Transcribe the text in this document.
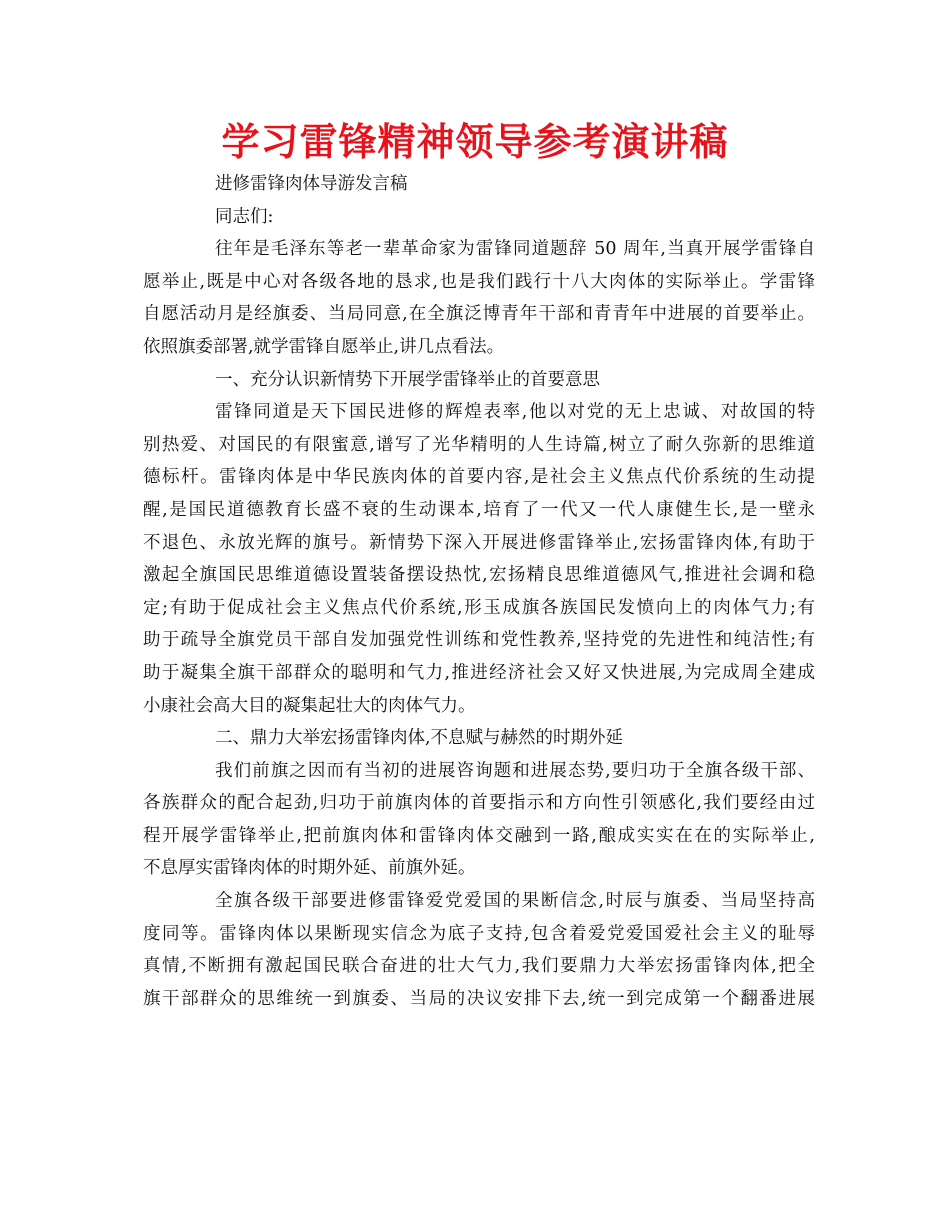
学习雷锋精神领导参考演讲稿
进修雷锋肉体导游发言稿
同志们:
往年是毛泽东等老一辈革命家为雷锋同道题辞 50 周年,当真开展学雷锋自
愿举止,既是中心对各级各地的恳求,也是我们践行十八大肉体的实际举止。学雷锋
自愿活动月是经旗委、当局同意,在全旗泛博青年干部和青青年中进展的首要举止。
依照旗委部署,就学雷锋自愿举止,讲几点看法。
一、充分认识新情势下开展学雷锋举止的首要意思
雷锋同道是天下国民进修的辉煌表率,他以对党的无上忠诚、对故国的特
别热爱、对国民的有限蜜意,谱写了光华精明的人生诗篇,树立了耐久弥新的思维道
德标杆。雷锋肉体是中华民族肉体的首要内容,是社会主义焦点代价系统的生动提
醒,是国民道德教育长盛不衰的生动课本,培育了一代又一代人康健生长,是一壁永
不退色、永放光辉的旗号。新情势下深入开展进修雷锋举止,宏扬雷锋肉体,有助于
激起全旗国民思维道德设置装备摆设热忱,宏扬精良思维道德风气,推进社会调和稳
定;有助于促成社会主义焦点代价系统,形玉成旗各族国民发愤向上的肉体气力;有
助于疏导全旗党员干部自发加强党性训练和党性教养,坚持党的先进性和纯洁性;有
助于凝集全旗干部群众的聪明和气力,推进经济社会又好又快进展,为完成周全建成
小康社会高大目的凝集起壮大的肉体气力。
二、鼎力大举宏扬雷锋肉体,不息赋与赫然的时期外延
我们前旗之因而有当初的进展咨询题和进展态势,要归功于全旗各级干部、
各族群众的配合起劲,归功于前旗肉体的首要指示和方向性引领感化,我们要经由过
程开展学雷锋举止,把前旗肉体和雷锋肉体交融到一路,酿成实实在在的实际举止,
不息厚实雷锋肉体的时期外延、前旗外延。
全旗各级干部要进修雷锋爱党爱国的果断信念,时辰与旗委、当局坚持高
度同等。雷锋肉体以果断现实信念为底子支持,包含着爱党爱国爱社会主义的耻辱
真情,不断拥有激起国民联合奋进的壮大气力,我们要鼎力大举宏扬雷锋肉体,把全
旗干部群众的思维统一到旗委、当局的决议安排下去,统一到完成第一个翻番进展
